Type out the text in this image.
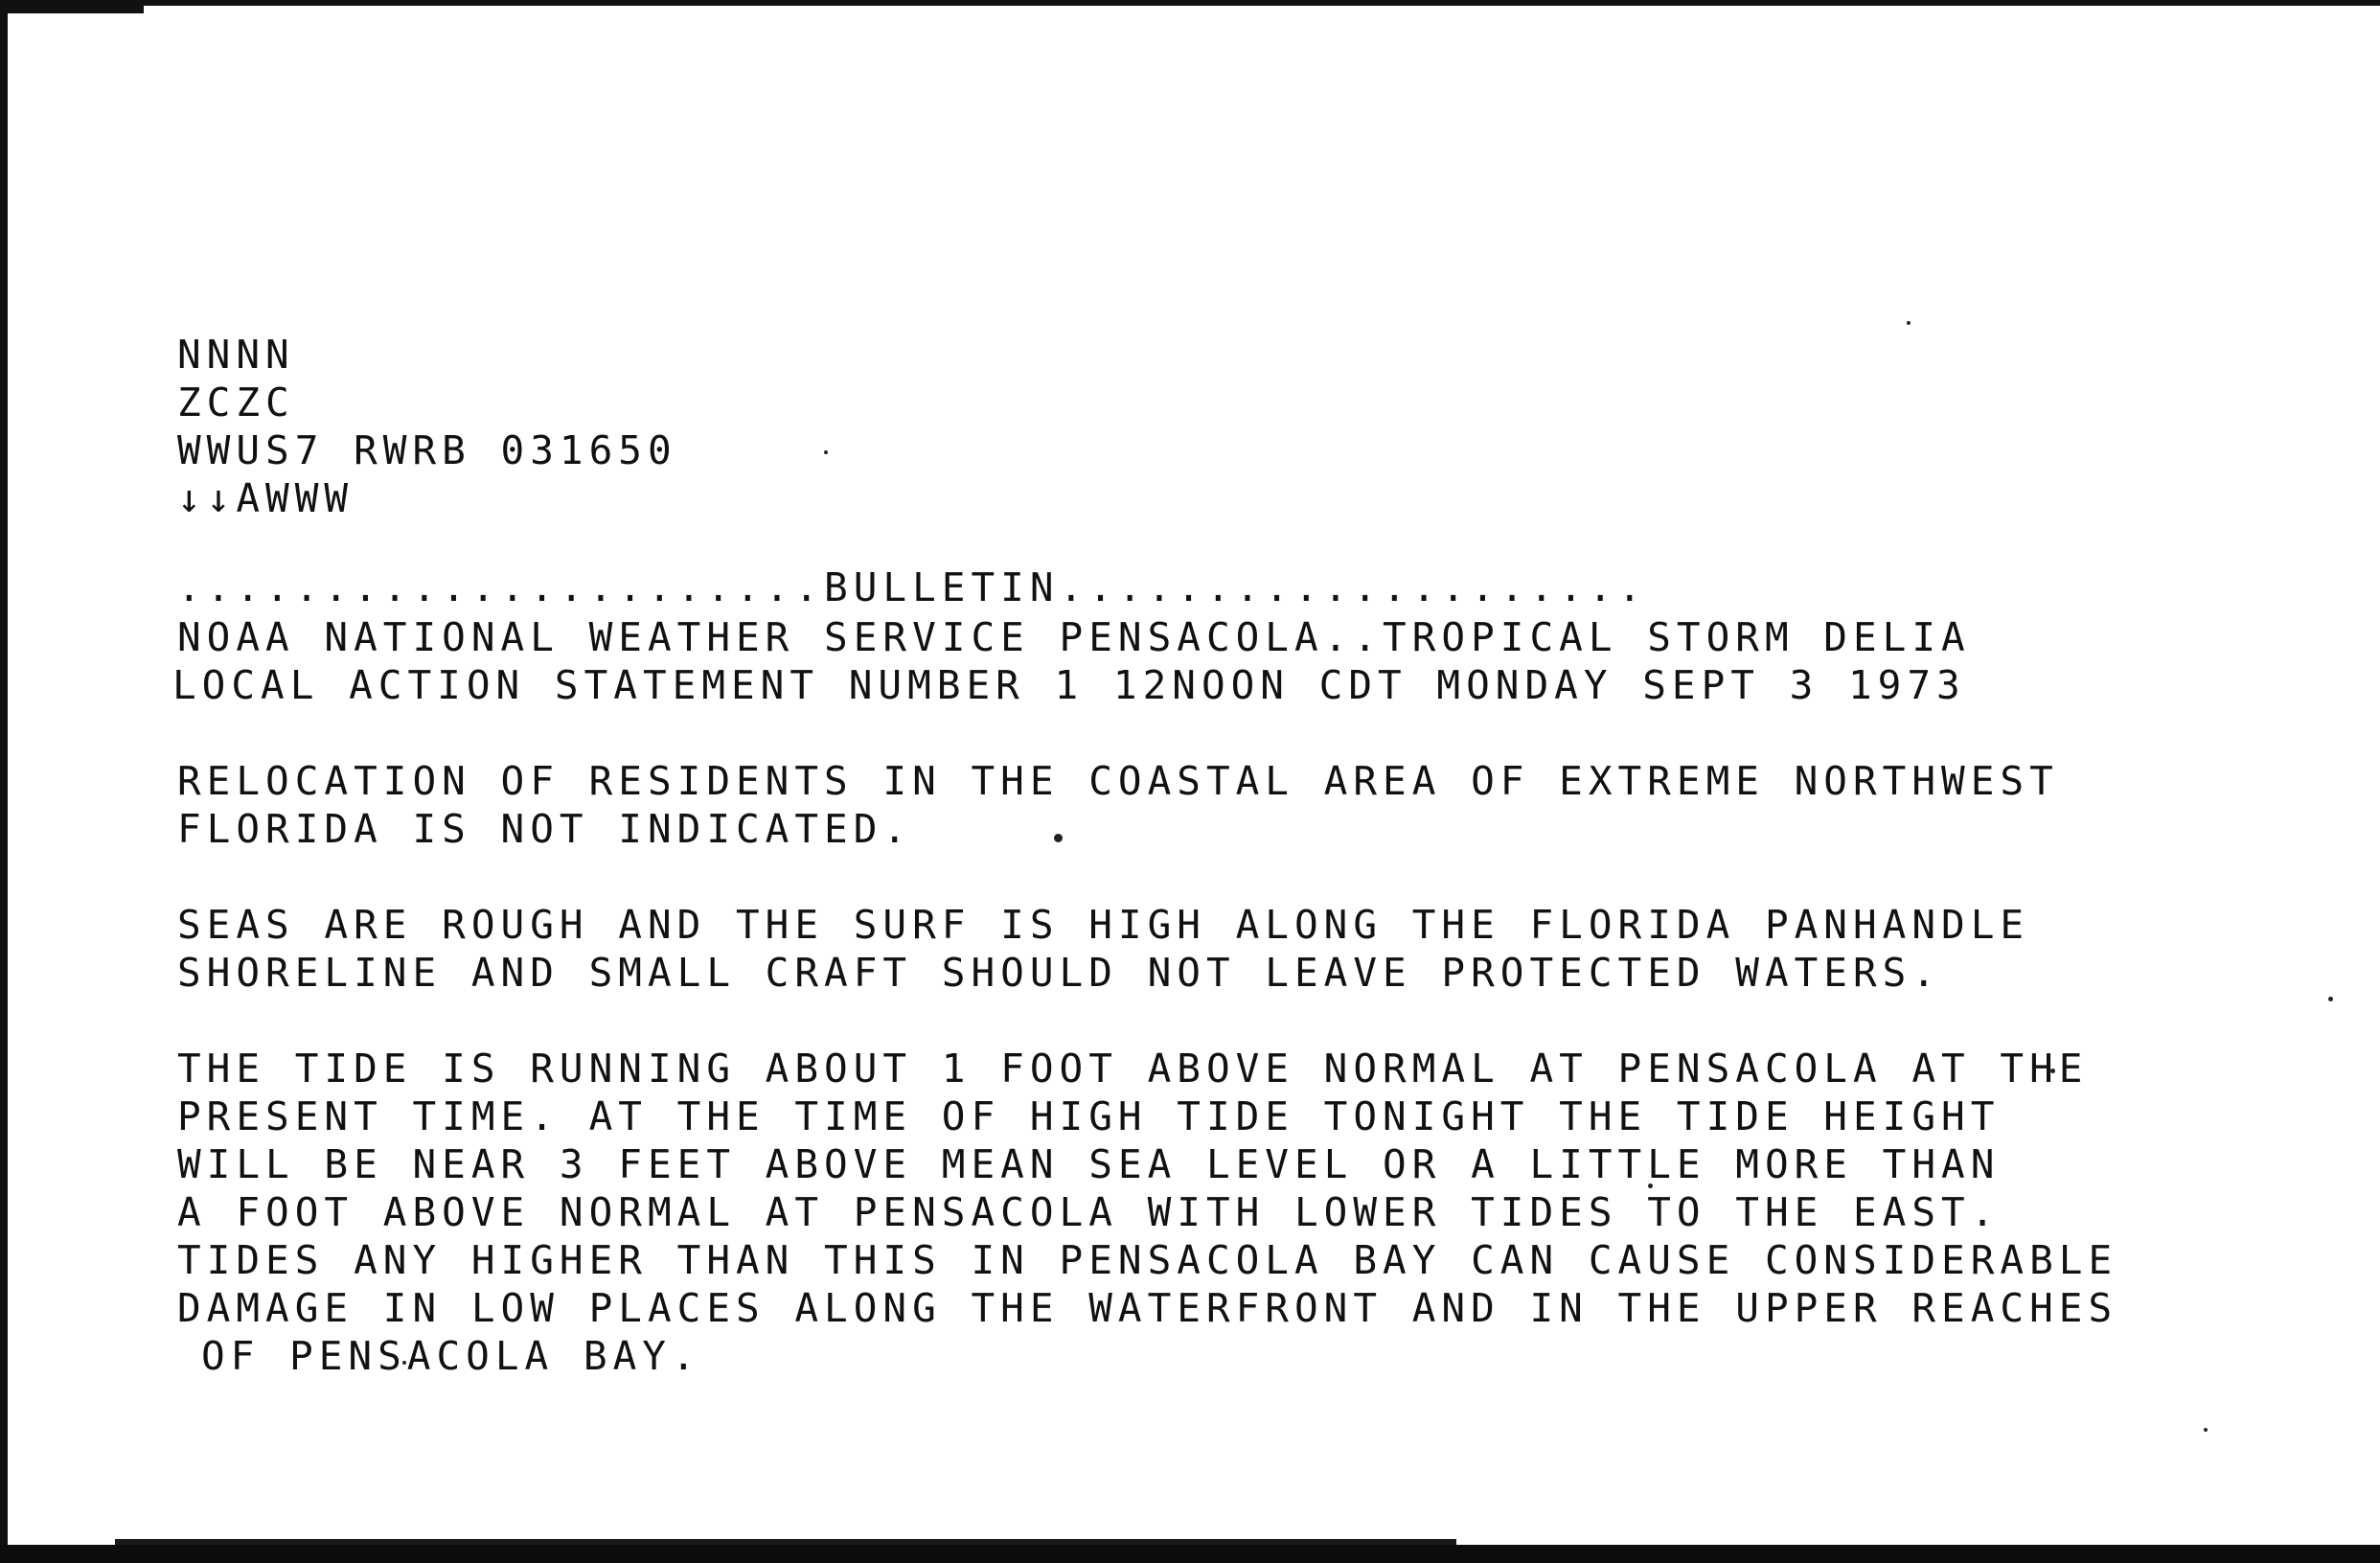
NNNN

ZCZC

WWUS7 RWRB 031650

↓↓AWWW

......................BULLETIN....................

NOAA NATIONAL WEATHER SERVICE PENSACOLA..TROPICAL STORM DELIA

LOCAL ACTION STATEMENT NUMBER 1 12NOON CDT MONDAY SEPT 3 1973

RELOCATION OF RESIDENTS IN THE COASTAL AREA OF EXTREME NORTHWEST

FLORIDA IS NOT INDICATED.

SEAS ARE ROUGH AND THE SURF IS HIGH ALONG THE FLORIDA PANHANDLE

SHORELINE AND SMALL CRAFT SHOULD NOT LEAVE PROTECTED WATERS.

THE TIDE IS RUNNING ABOUT 1 FOOT ABOVE NORMAL AT PENSACOLA AT THE

PRESENT TIME. AT THE TIME OF HIGH TIDE TONIGHT THE TIDE HEIGHT

WILL BE NEAR 3 FEET ABOVE MEAN SEA LEVEL OR A LITTLE MORE THAN

A FOOT ABOVE NORMAL AT PENSACOLA WITH LOWER TIDES TO THE EAST.

TIDES ANY HIGHER THAN THIS IN PENSACOLA BAY CAN CAUSE CONSIDERABLE

DAMAGE IN LOW PLACES ALONG THE WATERFRONT AND IN THE UPPER REACHES

OF PENSACOLA BAY.
